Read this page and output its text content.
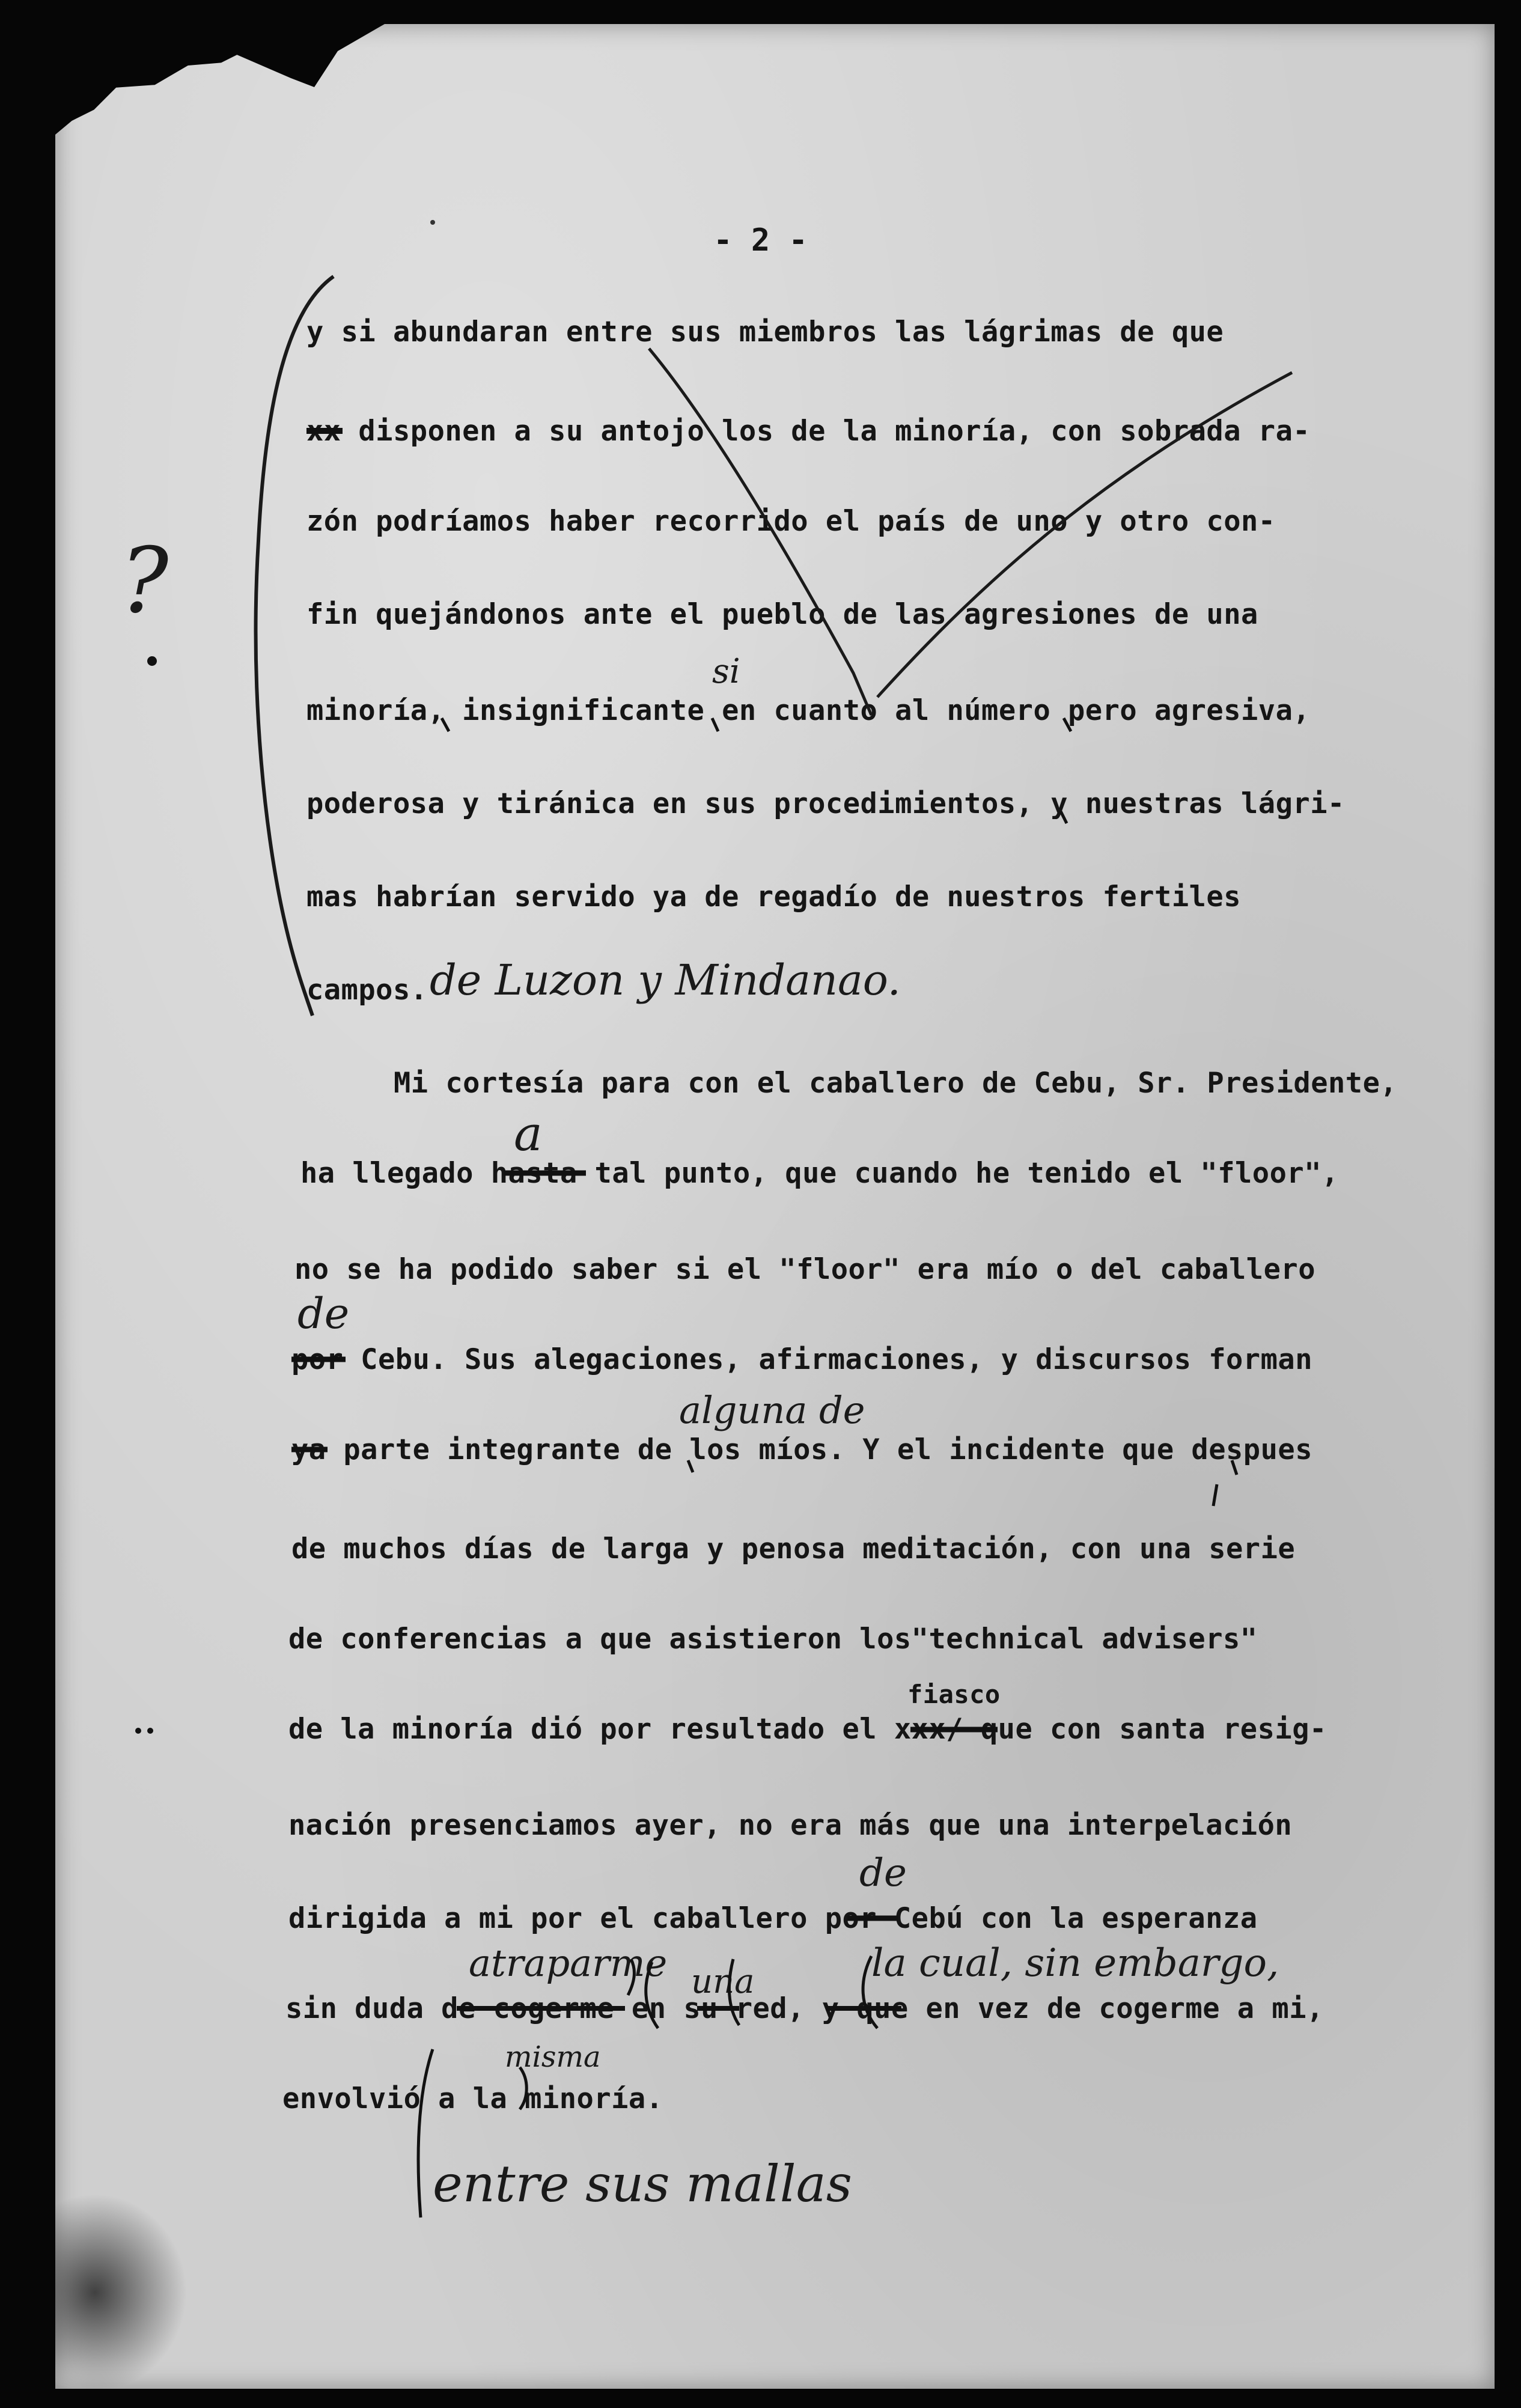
- 2 -
y si abundaran entre sus miembros las lágrimas de que
xx disponen a su antojo los de la minoría, con sobrada ra-
zón podríamos haber recorrido el país de uno y otro con-
fin quejándonos ante el pueblo de las agresiones de una
minoría, insignificante en cuanto al número pero agresiva,
poderosa y tiránica en sus procedimientos, y nuestras lágri-
mas habrían servido ya de regadío de nuestros fertiles
campos.
Mi cortesía para con el caballero de Cebu, Sr. Presidente,
ha llegado hasta tal punto, que cuando he tenido el "floor",
no se ha podido saber si el "floor" era mío o del caballero
por Cebu. Sus alegaciones, afirmaciones, y discursos forman
ya parte integrante de los míos. Y el incidente que despues
de muchos días de larga y penosa meditación, con una serie
de conferencias a que asistieron los"technical advisers"
de la minoría dió por resultado el xxx/ que con santa resig-
nación presenciamos ayer, no era más que una interpelación
dirigida a mi por el caballero por Cebú con la esperanza
sin duda de cogerme en su red, y que en vez de cogerme a mi,
envolvió a la minoría.
fiasco
?
si
de Luzon y Mindanao.
a
de
alguna de
de
atraparme una	la cual, sin embargo,
misma
entre sus mallas
